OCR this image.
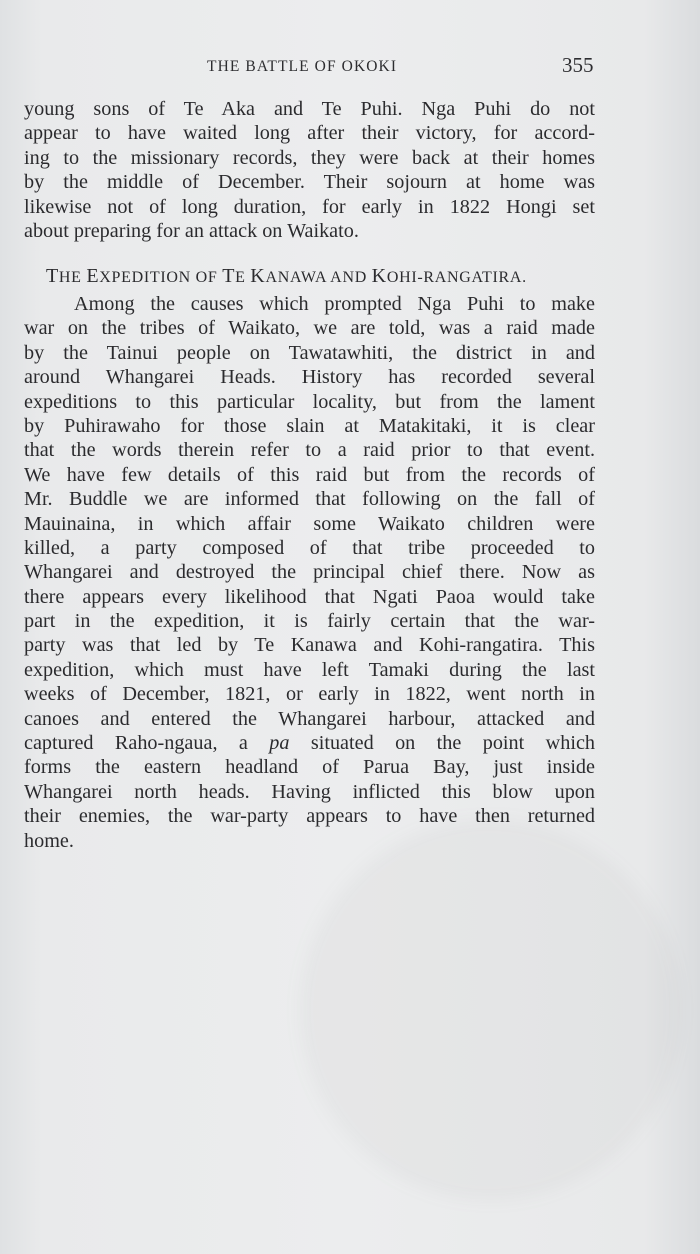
THE BATTLE OF OKOKI	355
young sons of Te Aka and Te Puhi. Nga Puhi do not
appear to have waited long after their victory, for accord-
ing to the missionary records, they were back at their homes
by the middle of December. Their sojourn at home was
likewise not of long duration, for early in 1822 Hongi set
about preparing for an attack on Waikato.
THE EXPEDITION OF TE KANAWA AND KOHI-RANGATIRA.
Among the causes which prompted Nga Puhi to make
war on the tribes of Waikato, we are told, was a raid made
by the Tainui people on Tawatawhiti, the district in and
around Whangarei Heads. History has recorded several
expeditions to this particular locality, but from the lament
by Puhirawaho for those slain at Matakitaki, it is clear
that the words therein refer to a raid prior to that event.
We have few details of this raid but from the records of
Mr. Buddle we are informed that following on the fall of
Mauinaina, in which affair some Waikato children were
killed, a party composed of that tribe proceeded to
Whangarei and destroyed the principal chief there. Now as
there appears every likelihood that Ngati Paoa would take
part in the expedition, it is fairly certain that the war-
party was that led by Te Kanawa and Kohi-rangatira. This
expedition, which must have left Tamaki during the last
weeks of December, 1821, or early in 1822, went north in
canoes and entered the Whangarei harbour, attacked and
captured Raho-ngaua, a pa situated on the point which
forms the eastern headland of Parua Bay, just inside
Whangarei north heads. Having inflicted this blow upon
their enemies, the war-party appears to have then returned
home.
